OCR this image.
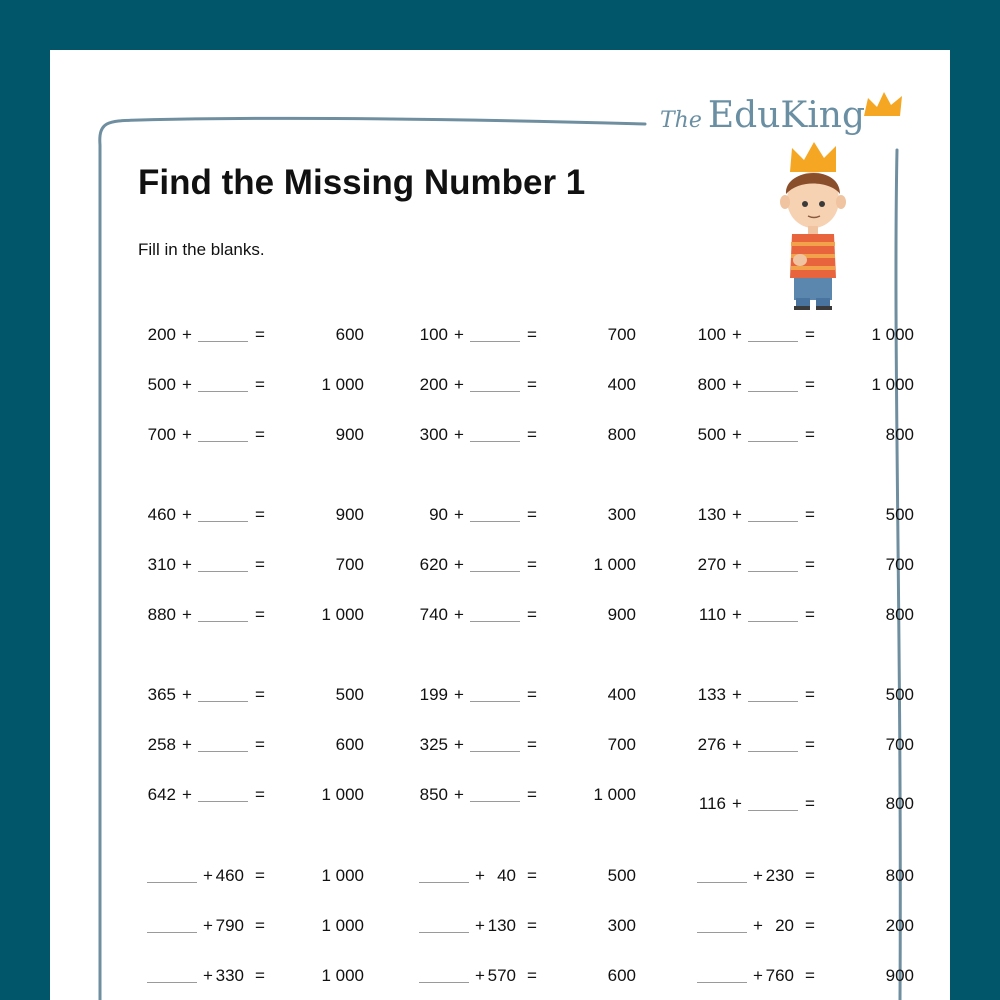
The EduKing
Find the Missing Number 1
Fill in the blanks.
200 +	=	600
500 +	=	1 000
700 +	=	900
460 +	=	900
310 +	=	700
880 +	=	1 000
365 +	=	500
258 +	=	600
642 +	=	1 000
+ 460 =	1 000
+ 790 =	1 000
+ 330 =	1 000
100 +	=	700
200 +	=	400
300 +	=	800
90 +	=	300
620 +	=	1 000
740 +	=	900
199 +	=	400
325 +	=	700
850 +	=	1 000
+ 40 =	500
+ 130 =	300
+ 570 =	600
100 +	=	1 000
800 +	=	1 000
500 +	=	800
130 +	=	500
270 +	=	700
110 +	=	800
133 +	=	500
276 +	=	700
116 +	=	800
+ 230 =	800
+ 20 =	200
+ 760 =	900
